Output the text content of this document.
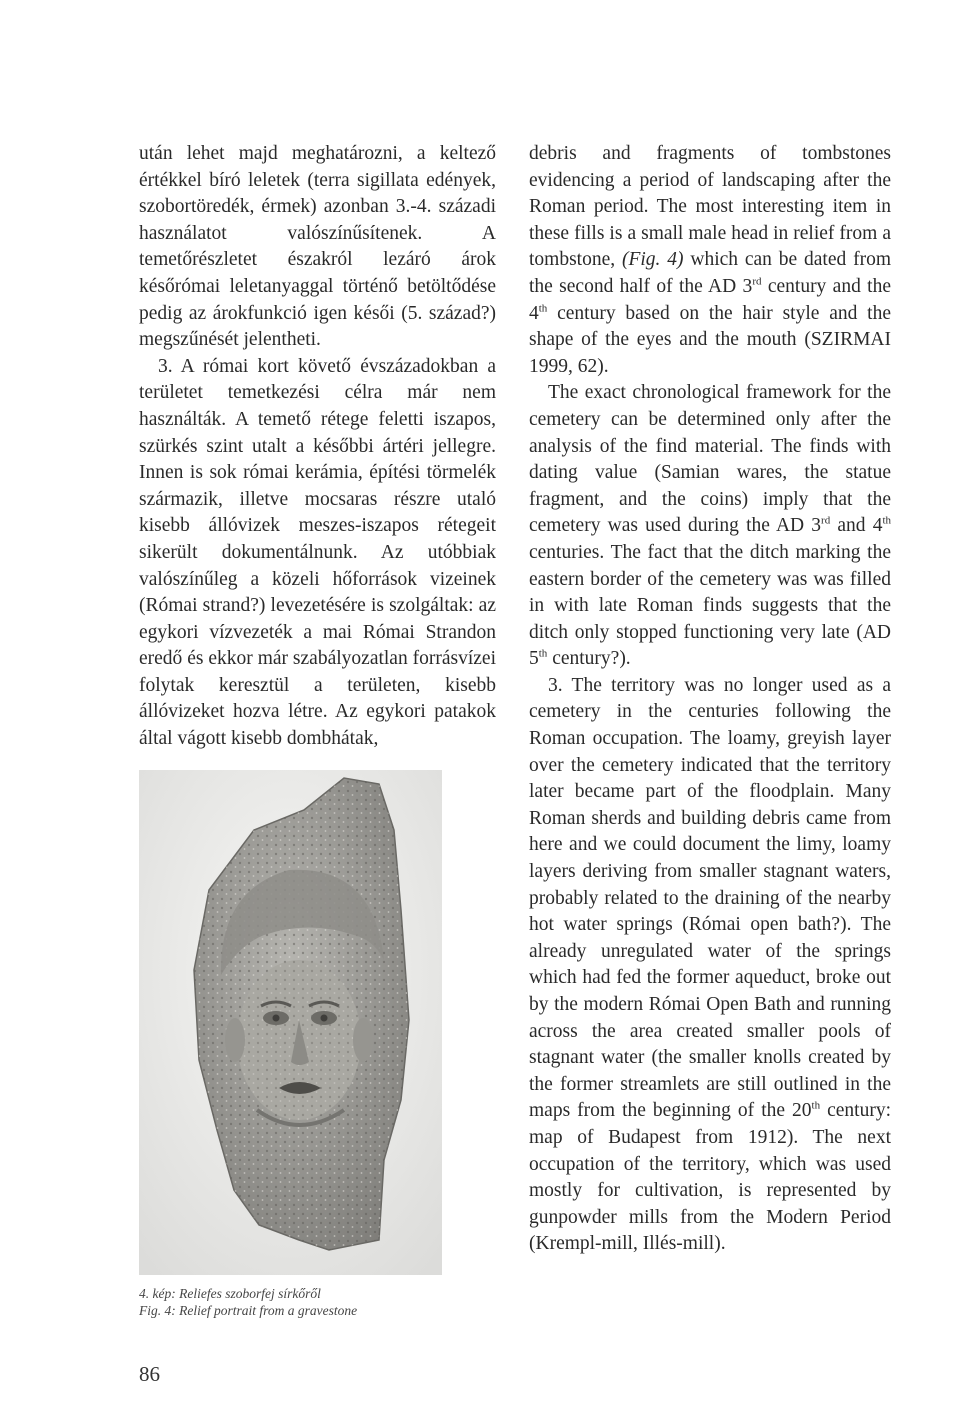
után lehet majd meghatározni, a keltező értékkel bíró leletek (terra sigillata edények, szobortöredék, érmek) azonban 3.-4. századi használatot valószínűsítenek. A temetőrészletet északról lezáró árok későrómai leletanyaggal történő betöltődése pedig az árokfunkció igen késői (5. század?) megszűnését jelentheti.

3. A római kort követő évszázadokban a területet temetkezési célra már nem használták. A temető rétege feletti iszapos, szürkés szint utalt a későbbi ártéri jellegre. Innen is sok római kerámia, építési törmelék származik, illetve mocsaras részre utaló kisebb állóvizek meszes-iszapos rétegeit sikerült dokumentálnunk. Az utóbbiak valószínűleg a közeli hőforrások vizeinek (Római strand?) levezetésére is szolgáltak: az egykori vízvezeték a mai Római Strandon eredő és ekkor már szabályozatlan forrásvízei folytak keresztül a területen, kisebb állóvizeket hozva létre. Az egykori patakok által vágott kisebb dombhátak,

debris and fragments of tombstones evidencing a period of landscaping after the Roman period. The most interesting item in these fills is a small male head in relief from a tombstone, (Fig. 4) which can be dated from the second half of the AD 3rd century and the 4th century based on the hair style and the shape of the eyes and the mouth (SZIRMAI 1999, 62).

The exact chronological framework for the cemetery can be determined only after the analysis of the find material. The finds with dating value (Samian wares, the statue fragment, and the coins) imply that the cemetery was used during the AD 3rd and 4th centuries. The fact that the ditch marking the eastern border of the cemetery was was filled in with late Roman finds suggests that the ditch only stopped functioning very late (AD 5th century?).

3. The territory was no longer used as a cemetery in the centuries following the Roman occupation. The loamy, greyish layer over the cemetery indicated that the territory later became part of the floodplain. Many Roman sherds and building debris came from here and we could document the limy, loamy layers deriving from smaller stagnant waters, probably related to the draining of the nearby hot water springs (Római open bath?). The already unregulated water of the springs which had fed the former aqueduct, broke out by the modern Római Open Bath and running across the area created smaller pools of stagnant water (the smaller knolls created by the former streamlets are still outlined in the maps from the beginning of the 20th century: map of Budapest from 1912). The next occupation of the territory, which was used mostly for cultivation, is represented by gunpowder mills from the Modern Period (Krempl-mill, Illés-mill).

4. kép: Reliefes szoborfej sírkőről
Fig. 4: Relief portrait from a gravestone
86
